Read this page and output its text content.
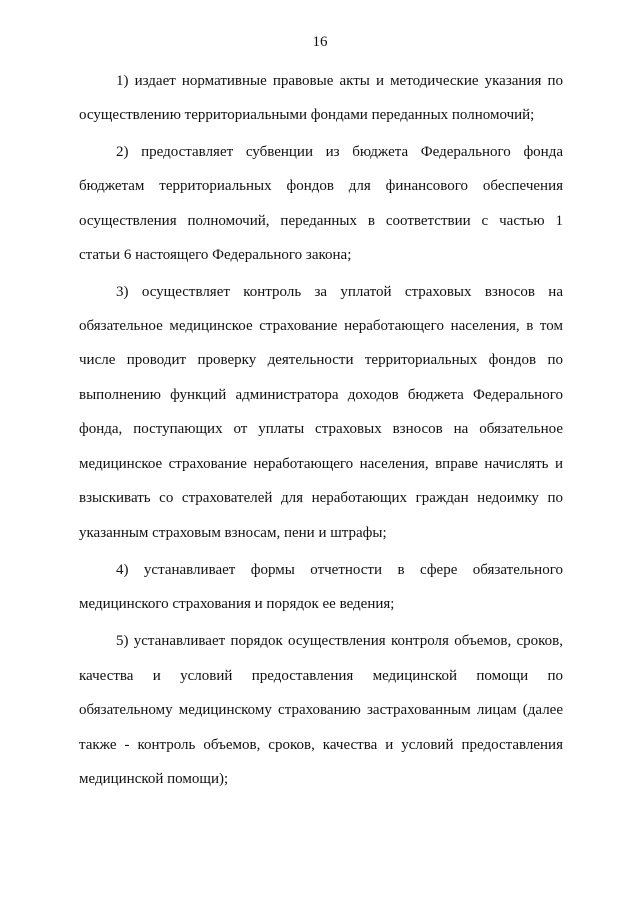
16
1) издает нормативные правовые акты и методические указания по
осуществлению территориальными фондами переданных полномочий;
2) предоставляет субвенции из бюджета Федерального фонда
бюджетам территориальных фондов для финансового обеспечения
осуществления полномочий, переданных в соответствии с частью 1
статьи 6 настоящего Федерального закона;
3) осуществляет контроль за уплатой страховых взносов на
обязательное медицинское страхование неработающего населения, в том
числе проводит проверку деятельности территориальных фондов по
выполнению функций администратора доходов бюджета Федерального
фонда, поступающих от уплаты страховых взносов на обязательное
медицинское страхование неработающего населения, вправе начислять и
взыскивать со страхователей для неработающих граждан недоимку по
указанным страховым взносам, пени и штрафы;
4) устанавливает формы отчетности в сфере обязательного
медицинского страхования и порядок ее ведения;
5) устанавливает порядок осуществления контроля объемов, сроков,
качества и условий предоставления медицинской помощи по
обязательному медицинскому страхованию застрахованным лицам (далее
также - контроль объемов, сроков, качества и условий предоставления
медицинской помощи);
